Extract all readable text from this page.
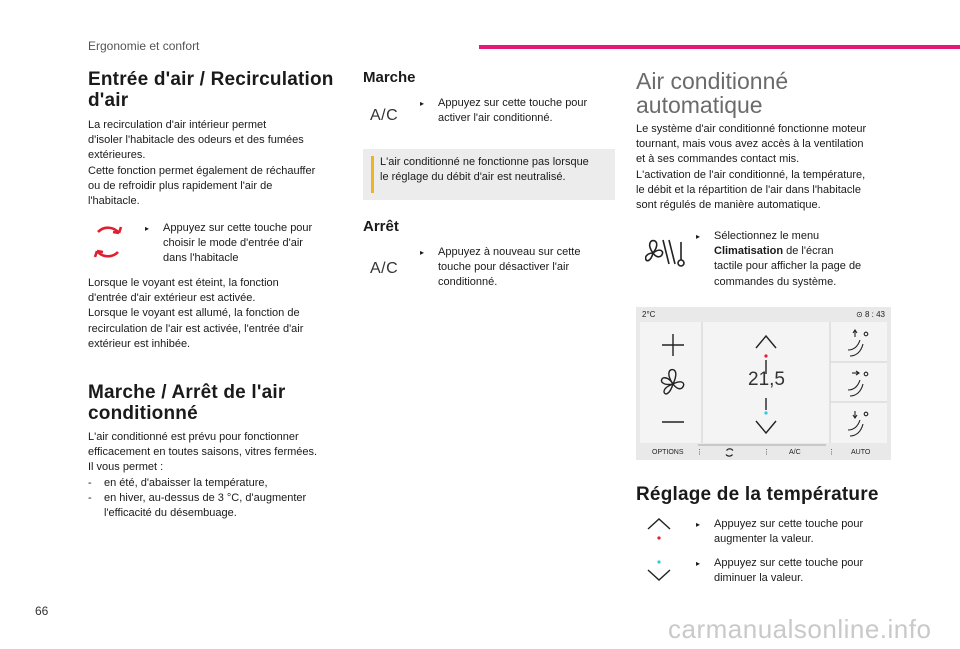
Ergonomie et confort
Entrée d'air / Recirculation d'air
La recirculation d'air intérieur permet
d'isoler l'habitacle des odeurs et des fumées
extérieures.
Cette fonction permet également de réchauffer
ou de refroidir plus rapidement l'air de
l'habitacle.
▸	Appuyez sur cette touche pour
choisir le mode d'entrée d'air
dans l'habitacle
Lorsque le voyant est éteint, la fonction
d'entrée d'air extérieur est activée.
Lorsque le voyant est allumé, la fonction de
recirculation de l'air est activée, l'entrée d'air
extérieur est inhibée.
Marche / Arrêt de l'air conditionné
L'air conditionné est prévu pour fonctionner
efficacement en toutes saisons, vitres fermées.
Il vous permet :
- en été, d'abaisser la température,
- en hiver, au-dessus de 3 °C, d'augmenter
l'efficacité du désembuage.
Marche
A/C
▸	Appuyez sur cette touche pour
activer l'air conditionné.
L'air conditionné ne fonctionne pas lorsque
le réglage du débit d'air est neutralisé.
Arrêt
A/C
▸	Appuyez à nouveau sur cette
touche pour désactiver l'air
conditionné.
Air conditionné automatique
Le système d'air conditionné fonctionne moteur
tournant, mais vous avez accès à la ventilation
et à ses commandes contact mis.
L'activation de l'air conditionné, la température,
le débit et la répartition de l'air dans l'habitacle
sont régulés de manière automatique.
▸	Sélectionnez le menu
Climatisation de l'écran
tactile pour afficher la page de
commandes du système.
2°C	⊙ 8 : 43
21,5
OPTIONS ⋮	⋮	A/C	⋮ AUTO
Réglage de la température
▸	Appuyez sur cette touche pour
augmenter la valeur.
▸	Appuyez sur cette touche pour
diminuer la valeur.
66
carmanualsonline.info
